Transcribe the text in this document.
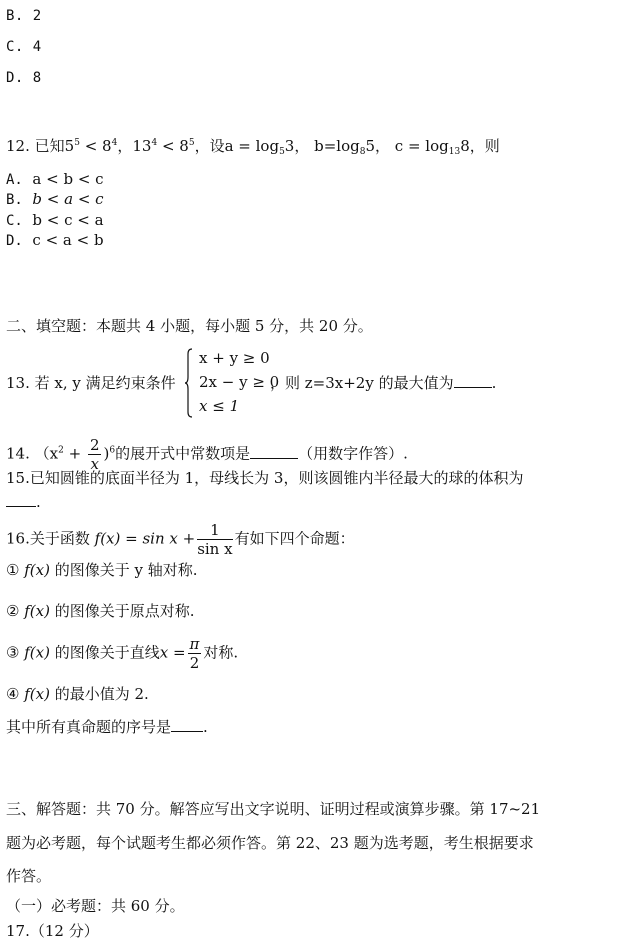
B. 2
C. 4
D. 8
12. 已知$5^5 < 8^4$，$13^4 < 8^5$，设$a = \log_53$， $b=\log_85$， $c = \log_{13}8$，则
A. a < b < c
B. b < a < c
C. b < c < a
D. c < a < b
二、填空题：本题共 4 小题，每小题 5 分，共 20 分。
13. 若 x, y 满足约束条件
x + y ≥ 0
2x − y ≥ 0
x ≤ 1
，则 z=3x+2y 的最大值为	.
14. $(x^2 + \frac{2}{x} )^6$的展开式中常数项是	（用数字作答）.
15.已知圆锥的底面半径为 1，母线长为 3，则该圆锥内半径最大的球的体积为
.
16.关于函数 $f(x) = \sin x + \frac{1}{\text{sin x}}$ 有如下四个命题：
① f(x) 的图像关于 y 轴对称.
② f(x) 的图像关于原点对称.
③ f(x) 的图像关于直线$x = \frac{\pi}{2}$ 对称.
④ f(x) 的最小值为 2.
其中所有真命题的序号是 .
三、解答题：共 70 分。解答应写出文字说明、证明过程或演算步骤。第 17~21
题为必考题，每个试题考生都必须作答。第 22、23 题为选考题，考生根据要求
作答。
（一）必考题：共 60 分。
17.（12 分）
